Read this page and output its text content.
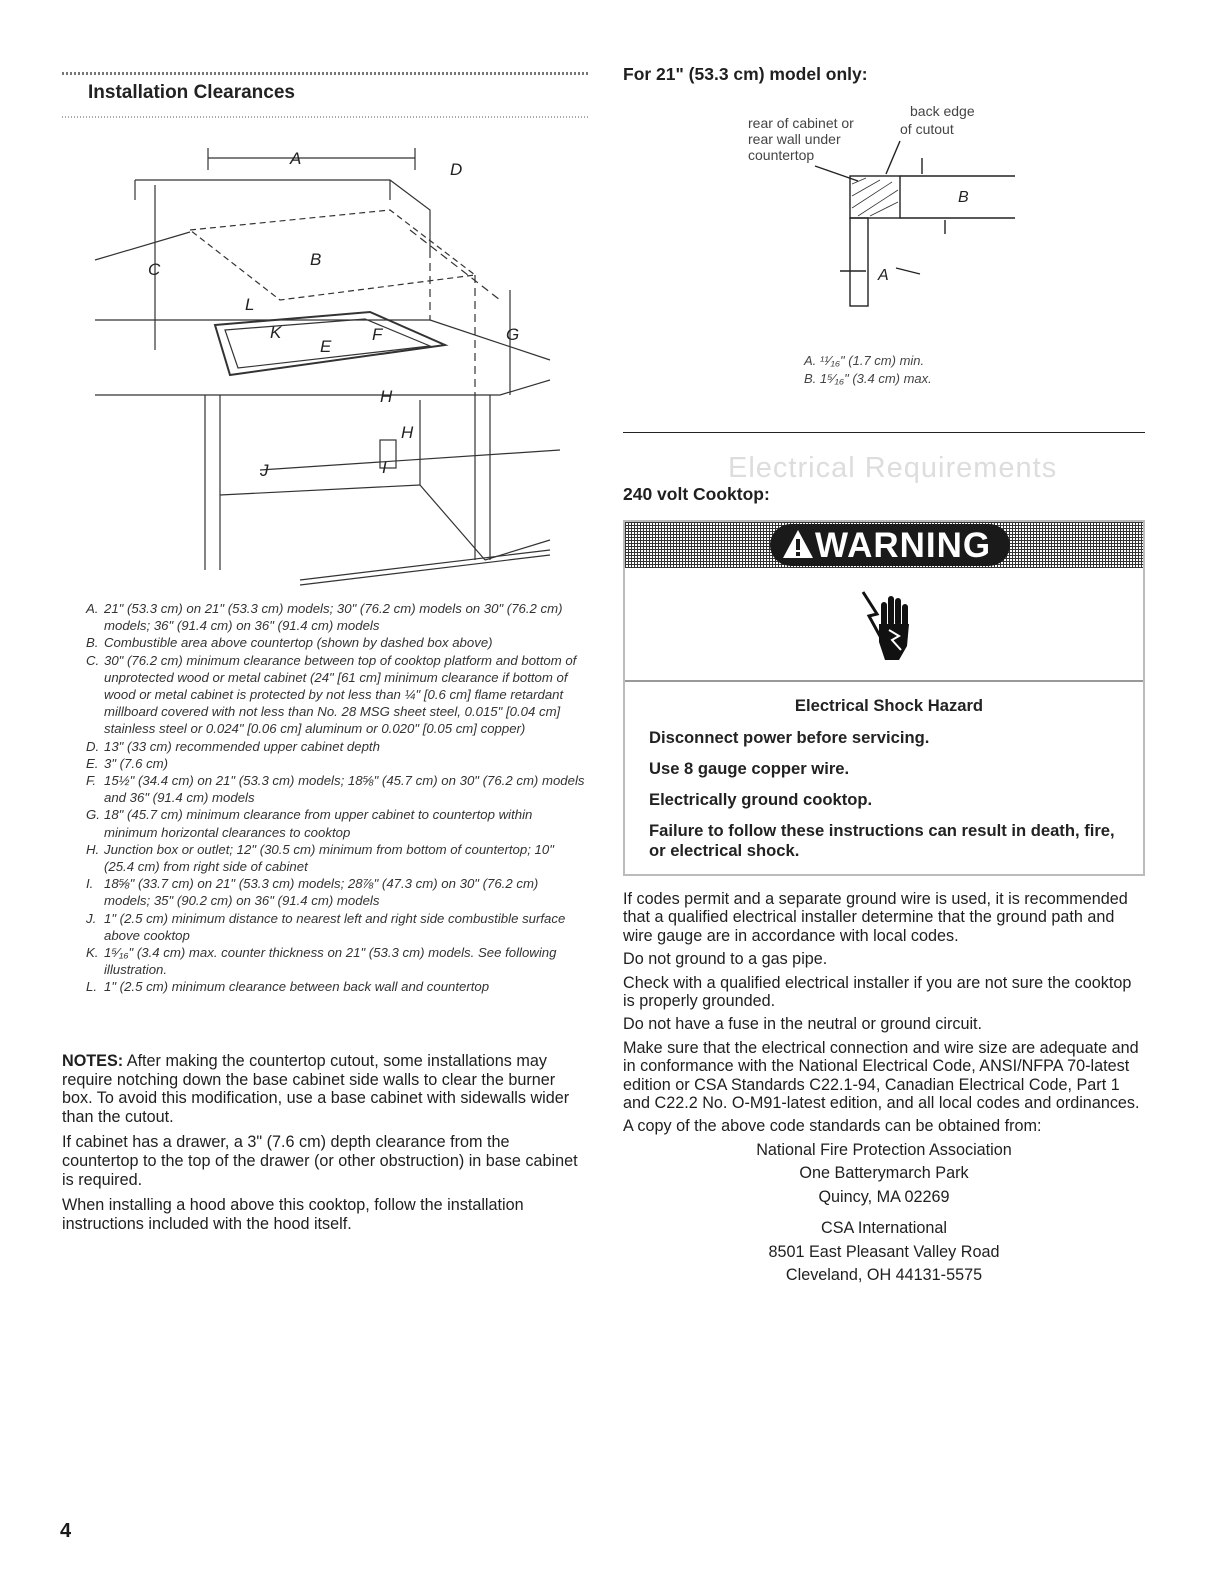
Installation Clearances
A
B
C
D
E
F	G
H
H
I
J
K
L
A. 21" (53.3 cm) on 21" (53.3 cm) models; 30" (76.2 cm) models on 30" (76.2 cm) models; 36" (91.4 cm) on 36" (91.4 cm) models
B. Combustible area above countertop (shown by dashed box above)
C. 30" (76.2 cm) minimum clearance between top of cooktop platform and bottom of unprotected wood or metal cabinet (24" [61 cm] minimum clearance if bottom of wood or metal cabinet is protected by not less than ¼" [0.6 cm] flame retardant millboard covered with not less than No. 28 MSG sheet steel, 0.015" [0.04 cm] stainless steel or 0.024" [0.06 cm] aluminum or 0.020" [0.05 cm] copper)
D. 13" (33 cm) recommended upper cabinet depth
E. 3" (7.6 cm)
F. 15½" (34.4 cm) on 21" (53.3 cm) models; 18⅝" (45.7 cm) on 30" (76.2 cm) models and 36" (91.4 cm) models
G. 18" (45.7 cm) minimum clearance from upper cabinet to countertop within minimum horizontal clearances to cooktop
H. Junction box or outlet; 12" (30.5 cm) minimum from bottom of countertop; 10" (25.4 cm) from right side of cabinet
I. 18⅝" (33.7 cm) on 21" (53.3 cm) models; 28⅞" (47.3 cm) on 30" (76.2 cm) models; 35" (90.2 cm) on 36" (91.4 cm) models
J. 1" (2.5 cm) minimum distance to nearest left and right side combustible surface above cooktop
K. 1⁵⁄₁₆" (3.4 cm) max. counter thickness on 21" (53.3 cm) models. See following illustration.
L. 1" (2.5 cm) minimum clearance between back wall and countertop

NOTES: After making the countertop cutout, some installations may require notching down the base cabinet side walls to clear the burner box. To avoid this modification, use a base cabinet with sidewalls wider than the cutout.

If cabinet has a drawer, a 3" (7.6 cm) depth clearance from the countertop to the top of the drawer (or other obstruction) in base cabinet is required.

When installing a hood above this cooktop, follow the installation instructions included with the hood itself.

4
For 21" (53.3 cm) model only:
rear of cabinet or
rear wall under
countertop
back edge
of cutout
B
A
A. ¹¹⁄₁₆" (1.7 cm) min.
B. 1⁵⁄₁₆" (3.4 cm) max.
Electrical Requirements
240 volt Cooktop:
WARNING
Electrical Shock Hazard
Disconnect power before servicing.
Use 8 gauge copper wire.
Electrically ground cooktop.
Failure to follow these instructions can result in death, fire, or electrical shock.

If codes permit and a separate ground wire is used, it is recommended that a qualified electrical installer determine that the ground path and wire gauge are in accordance with local codes.

Do not ground to a gas pipe.

Check with a qualified electrical installer if you are not sure the cooktop is properly grounded.

Do not have a fuse in the neutral or ground circuit.

Make sure that the electrical connection and wire size are adequate and in conformance with the National Electrical Code, ANSI/NFPA 70-latest edition or CSA Standards C22.1-94, Canadian Electrical Code, Part 1 and C22.2 No. O-M91-latest edition, and all local codes and ordinances.

A copy of the above code standards can be obtained from:

National Fire Protection Association

One Batterymarch Park

Quincy, MA 02269

CSA International

8501 East Pleasant Valley Road

Cleveland, OH 44131-5575
